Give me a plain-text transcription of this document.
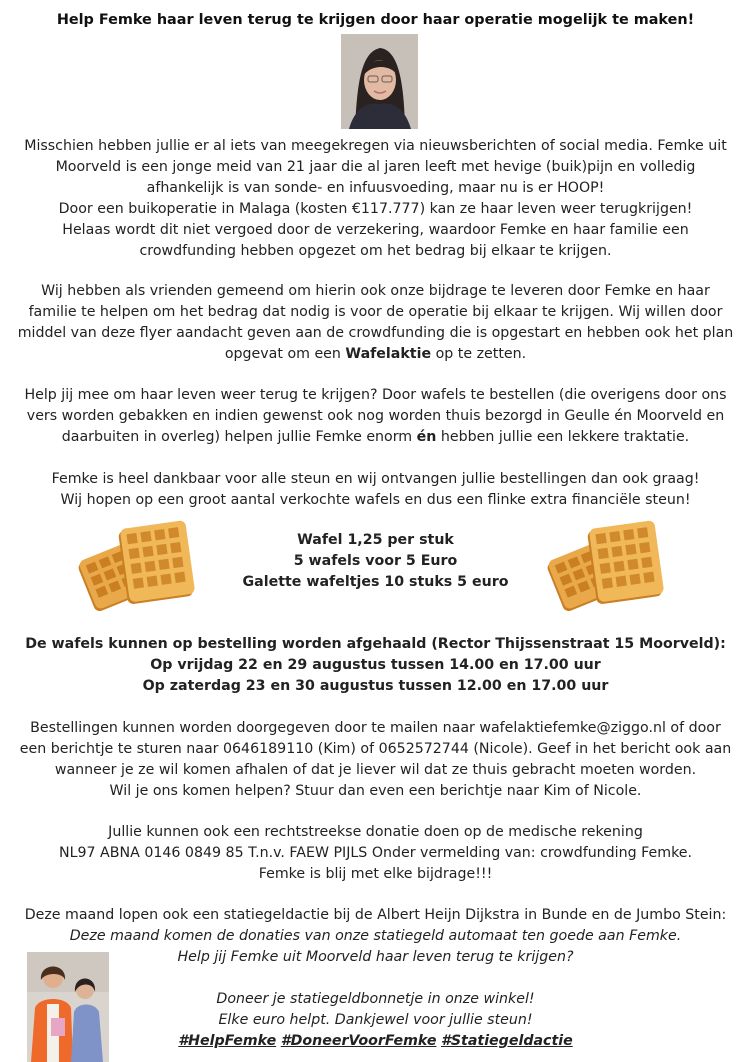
Help Femke haar leven terug te krijgen door haar operatie mogelijk te maken!
Misschien hebben jullie er al iets van meegekregen via nieuwsberichten of social media. Femke uit
Moorveld is een jonge meid van 21 jaar die al jaren leeft met hevige (buik)pijn en volledig
afhankelijk is van sonde- en infuusvoeding, maar nu is er HOOP!
Door een buikoperatie in Malaga (kosten €117.777) kan ze haar leven weer terugkrijgen!
Helaas wordt dit niet vergoed door de verzekering, waardoor Femke en haar familie een
crowdfunding hebben opgezet om het bedrag bij elkaar te krijgen.
Wij hebben als vrienden gemeend om hierin ook onze bijdrage te leveren door Femke en haar
familie te helpen om het bedrag dat nodig is voor de operatie bij elkaar te krijgen. Wij willen door
middel van deze flyer aandacht geven aan de crowdfunding die is opgestart en hebben ook het plan
opgevat om een Wafelaktie op te zetten.
Help jij mee om haar leven weer terug te krijgen? Door wafels te bestellen (die overigens door ons
vers worden gebakken en indien gewenst ook nog worden thuis bezorgd in Geulle én Moorveld en
daarbuiten in overleg) helpen jullie Femke enorm én hebben jullie een lekkere traktatie.
Femke is heel dankbaar voor alle steun en wij ontvangen jullie bestellingen dan ook graag!
Wij hopen op een groot aantal verkochte wafels en dus een flinke extra financiële steun!
Wafel 1,25 per stuk
5 wafels voor 5 Euro
Galette wafeltjes 10 stuks 5 euro
De wafels kunnen op bestelling worden afgehaald (Rector Thijssenstraat 15 Moorveld):
Op vrijdag 22 en 29 augustus tussen 14.00 en 17.00 uur
Op zaterdag 23 en 30 augustus tussen 12.00 en 17.00 uur
Bestellingen kunnen worden doorgegeven door te mailen naar wafelaktiefemke@ziggo.nl of door
een berichtje te sturen naar 0646189110 (Kim) of 0652572744 (Nicole). Geef in het bericht ook aan
wanneer je ze wil komen afhalen of dat je liever wil dat ze thuis gebracht moeten worden.
Wil je ons komen helpen? Stuur dan even een berichtje naar Kim of Nicole.
Jullie kunnen ook een rechtstreekse donatie doen op de medische rekening
NL97 ABNA 0146 0849 85 T.n.v. FAEW PIJLS Onder vermelding van: crowdfunding Femke.
Femke is blij met elke bijdrage!!!
Deze maand lopen ook een statiegeldactie bij de Albert Heijn Dijkstra in Bunde en de Jumbo Stein:
Deze maand komen de donaties van onze statiegeld automaat ten goede aan Femke.
Help jij Femke uit Moorveld haar leven terug te krijgen?

Doneer je statiegeldbonnetje in onze winkel!
Elke euro helpt. Dankjewel voor jullie steun!
#HelpFemke #DoneerVoorFemke #Statiegeldactie
